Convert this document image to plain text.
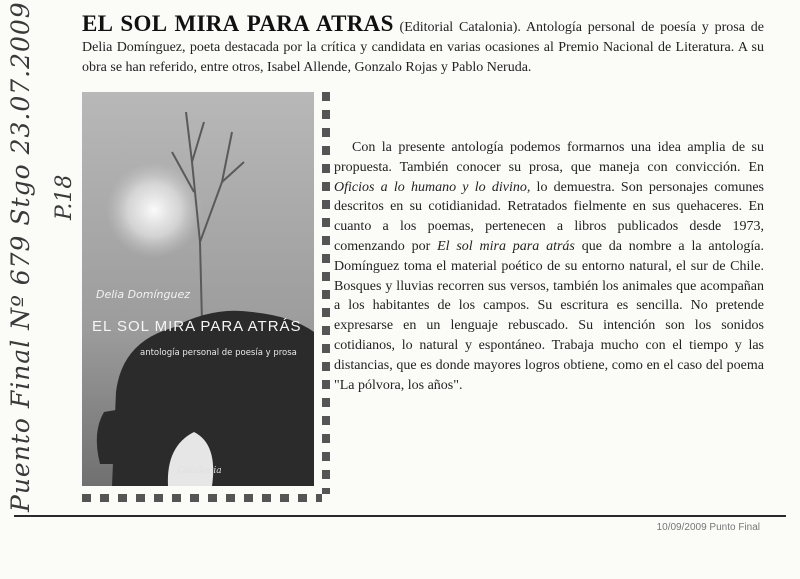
Puento Final Nº 679 Stgo 23.07.2009 P.18

EL SOL MIRA PARA ATRAS (Editorial Catalonia). Antología personal de poesía y prosa de Delia Domínguez, poeta destacada por la crítica y candidata en varias ocasiones al Premio Nacional de Literatura. A su obra se han referido, entre otros, Isabel Allende, Gonzalo Rojas y Pablo Neruda.

Con la presente antología podemos formarnos una idea amplia de su propuesta. También conocer su prosa, que maneja con convicción. En Oficios a lo humano y lo divino, lo demuestra. Son personajes comunes descritos en su cotidianidad. Retratados fielmente en sus quehaceres. En cuanto a los poemas, pertenecen a libros publicados desde 1973, comenzando por El sol mira para atrás que da nombre a la antología. Domínguez toma el material poético de su entorno natural, el sur de Chile. Bosques y lluvias recorren sus versos, también los animales que acompañan a los habitantes de los campos. Su escritura es sencilla. No pretende expresarse en un lenguaje rebuscado. Su intención son los sonidos cotidianos, lo natural y espontáneo. Trabaja mucho con el tiempo y las distancias, que es donde mayores logros obtiene, como en el caso del poema "La pólvora, los años".

Delia Domínguez
EL SOL MIRA PARA ATRÁS
antología personal de poesía y prosa
Catalonia
10/09/2009 Punto Final
